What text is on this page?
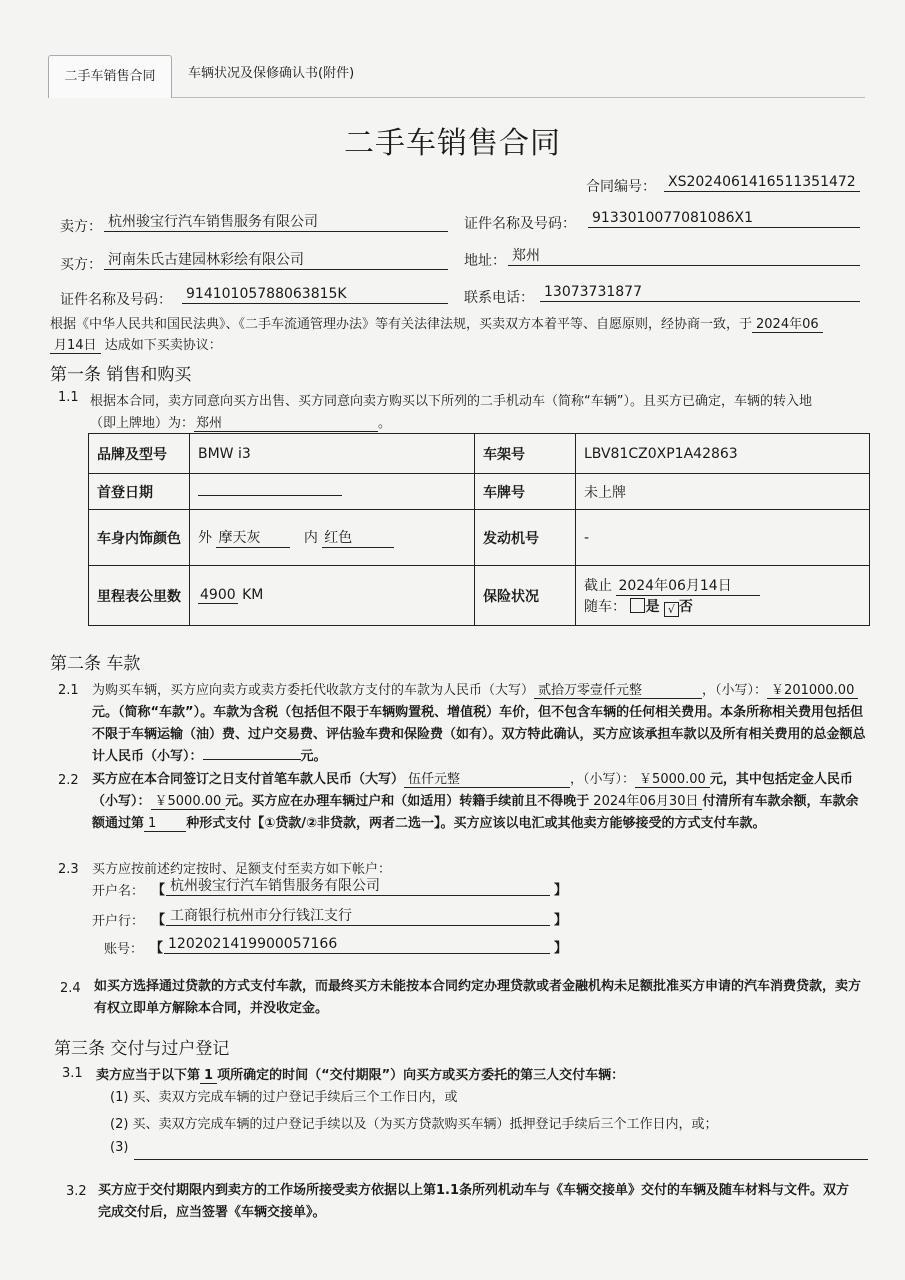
二手车销售合同	车辆状况及保修确认书(附件)
二手车销售合同
合同编号： XS2024061416511351472
卖方： 杭州骏宝行汽车销售服务有限公司	证件名称及号码： 9133010077081086X1
买方： 河南朱氏古建园林彩绘有限公司	地址： 郑州
证件名称及号码： 91410105788063815K	联系电话： 13073731877
根据《中华人民共和国民法典》、《二手车流通管理办法》等有关法律法规，买卖双方本着平等、自愿原则，经协商一致，于 2024年06
月14日 达成如下买卖协议：
第一条 销售和购买
1.1 根据本合同，卖方同意向买方出售、买方同意向卖方购买以下所列的二手机动车（简称“车辆”）。且买方已确定，车辆的转入地
（即上牌地）为： 郑州	。
品牌及型号	BMW i3	车架号	LBV81CZ0XP1A42863
首登日期		车牌号	未上牌
车身内饰颜色	外 摩天灰 内 红色	发动机号	-
里程表公里数	4900 KM	保险状况	截止 2024年06月14日
随车： 是 √ 否
第二条 车款
2.1 为购买车辆，买方应向卖方或卖方委托代收款方支付的车款为人民币（大写） 贰拾万零壹仟元整	，（小写）： ￥201000.00元。（简称“车款”）。车款为含税（包括但不限于车辆购置税、增值税）车价，但不包含车辆的任何相关费用。本条所称相关费用包括但不限于车辆运输（油）费、过户交易费、评估验车费和保险费（如有）。双方特此确认，买方应该承担车款以及所有相关费用的总金额总计人民币（小写）：	元。
2.2 买方应在本合同签订之日支付首笔车款人民币（大写） 伍仟元整	，（小写）： ￥5000.00 元，其中包括定金人民币（小写）： ￥5000.00 元。买方应在办理车辆过户和（如适用）转籍手续前且不得晚于 2024年06月30日 付清所有车款余额，车款余额通过第 1 种形式支付【①贷款/②非贷款，两者二选一】。买方应该以电汇或其他卖方能够接受的方式支付车款。
2.3 买方应按前述约定按时、足额支付至卖方如下帐户：
开户名： 【 杭州骏宝行汽车销售服务有限公司	】
开户行： 【 工商银行杭州市分行钱江支行	】
账号： 【 1202021419900057166	】
2.4 如买方选择通过贷款的方式支付车款，而最终买方未能按本合同约定办理贷款或者金融机构未足额批准买方申请的汽车消费贷款，卖方有权立即单方解除本合同，并没收定金。
第三条 交付与过户登记
3.1 卖方应当于以下第 1 项所确定的时间（“交付期限”）向买方或买方委托的第三人交付车辆：
(1) 买、卖双方完成车辆的过户登记手续后三个工作日内，或
(2) 买、卖双方完成车辆的过户登记手续以及（为买方贷款购买车辆）抵押登记手续后三个工作日内，或；
(3)
3.2 买方应于交付期限内到卖方的工作场所接受卖方依据以上第1.1条所列机动车与《车辆交接单》交付的车辆及随车材料与文件。双方完成交付后，应当签署《车辆交接单》。
